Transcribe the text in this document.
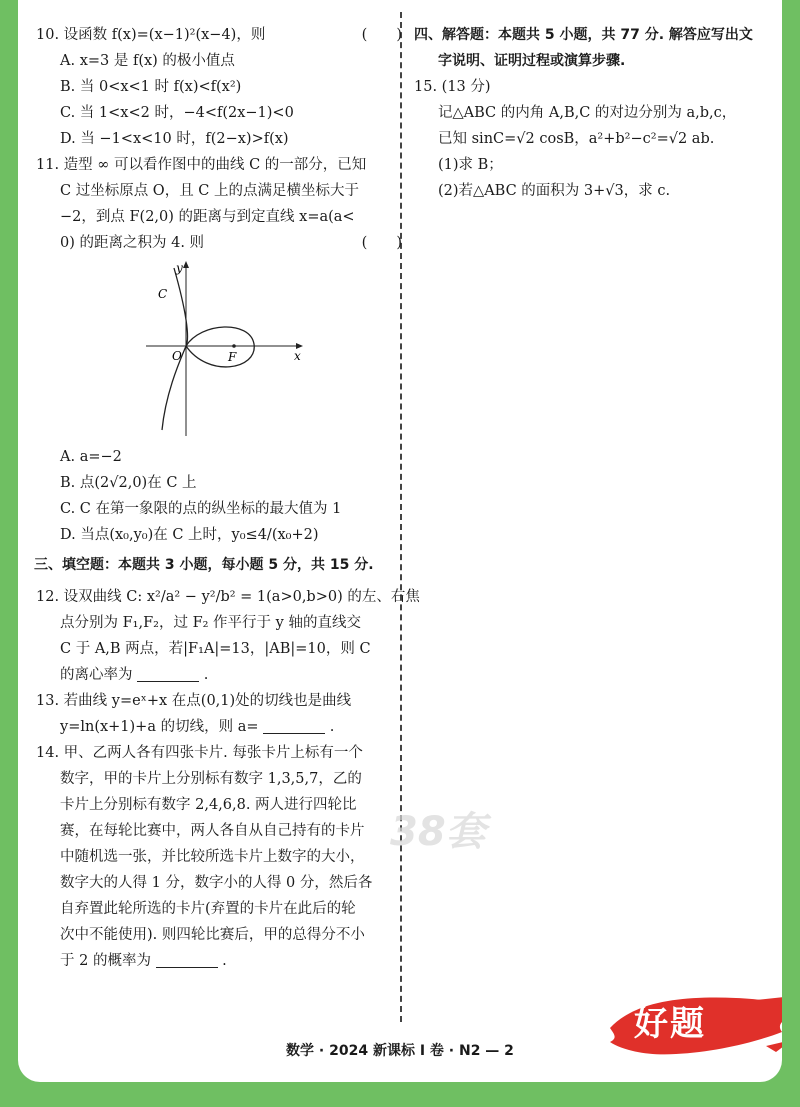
10. 设函数 f(x)=(x−1)²(x−4)，则	(　　)
A. x=3 是 f(x) 的极小值点
B. 当 0<x<1 时 f(x)<f(x²)
C. 当 1<x<2 时，−4<f(2x−1)<0
D. 当 −1<x<10 时，f(2−x)>f(x)
11. 造型 ∞ 可以看作图中的曲线 C 的一部分，已知
C 过坐标原点 O，且 C 上的点满足横坐标大于
−2，到点 F(2,0) 的距离与到定直线 x=a(a<
0) 的距离之积为 4. 则	(　　)
y
x
O
C
F
A. a=−2
B. 点(2√2,0)在 C 上
C. C 在第一象限的点的纵坐标的最大值为 1
D. 当点(x₀,y₀)在 C 上时，y₀≤4/(x₀+2)
三、填空题：本题共 3 小题，每小题 5 分，共 15 分.
12. 设双曲线 C: x²/a² − y²/b² = 1(a>0,b>0) 的左、右焦
点分别为 F₁,F₂，过 F₂ 作平行于 y 轴的直线交
C 于 A,B 两点，若|F₁A|=13，|AB|=10，则 C
的离心率为	.
13. 若曲线 y=eˣ+x 在点(0,1)处的切线也是曲线
y=ln(x+1)+a 的切线，则 a=	.
14. 甲、乙两人各有四张卡片. 每张卡片上标有一个
数字，甲的卡片上分别标有数字 1,3,5,7，乙的
卡片上分别标有数字 2,4,6,8. 两人进行四轮比
赛，在每轮比赛中，两人各自从自己持有的卡片
中随机选一张，并比较所选卡片上数字的大小，
数字大的人得 1 分，数字小的人得 0 分，然后各
自弃置此轮所选的卡片(弃置的卡片在此后的轮
次中不能使用). 则四轮比赛后，甲的总得分不小
于 2 的概率为	.
四、解答题：本题共 5 小题，共 77 分. 解答应写出文
字说明、证明过程或演算步骤.
15. (13 分)
记△ABC 的内角 A,B,C 的对边分别为 a,b,c，
已知 sinC=√2 cosB，a²+b²−c²=√2 ab.
(1)求 B；
(2)若△ABC 的面积为 3+√3，求 c.
38套
数学 · 2024 新课标 Ⅰ 卷 · N2 — 2
好题
